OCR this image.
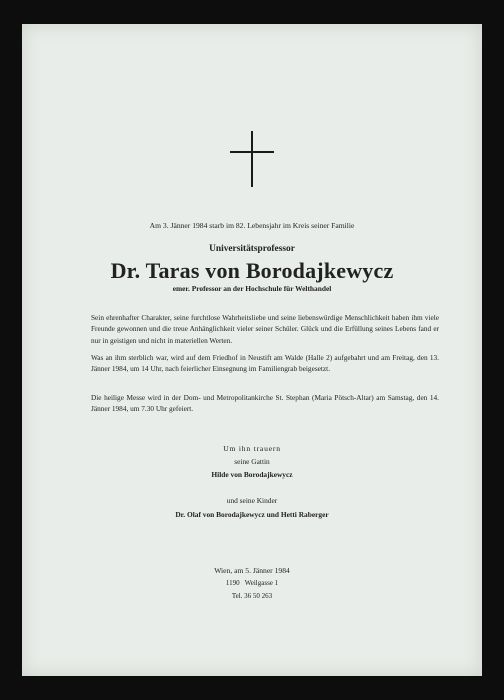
Am 3. Jänner 1984 starb im 82. Lebensjahr im Kreis seiner Familie
Universitätsprofessor
Dr. Taras von Borodajkewycz
emer. Professor an der Hochschule für Welthandel
Sein ehrenhafter Charakter, seine furchtlose Wahrheitsliebe und seine liebenswürdige Menschlichkeit haben ihm viele Freunde gewonnen und die treue Anhänglichkeit vieler seiner Schüler. Glück und die Erfüllung seines Lebens fand er nur in geistigen und nicht in materiellen Werten.
Was an ihm sterblich war, wird auf dem Friedhof in Neustift am Walde (Halle 2) aufgebahrt und am Freitag, den 13. Jänner 1984, um 14 Uhr, nach feierlicher Einsegnung im Familiengrab beigesetzt.
Die heilige Messe wird in der Dom- und Metropolitankirche St. Stephan (Maria Pötsch-Altar) am Samstag, den 14. Jänner 1984, um 7.30 Uhr gefeiert.
Um ihn trauern
seine Gattin
Hilde von Borodajkewycz
und seine Kinder
Dr. Olaf von Borodajkewycz und Hetti Raberger
Wien, am 5. Jänner 1984
1190   Weilgasse 1
Tel. 36 50 263
